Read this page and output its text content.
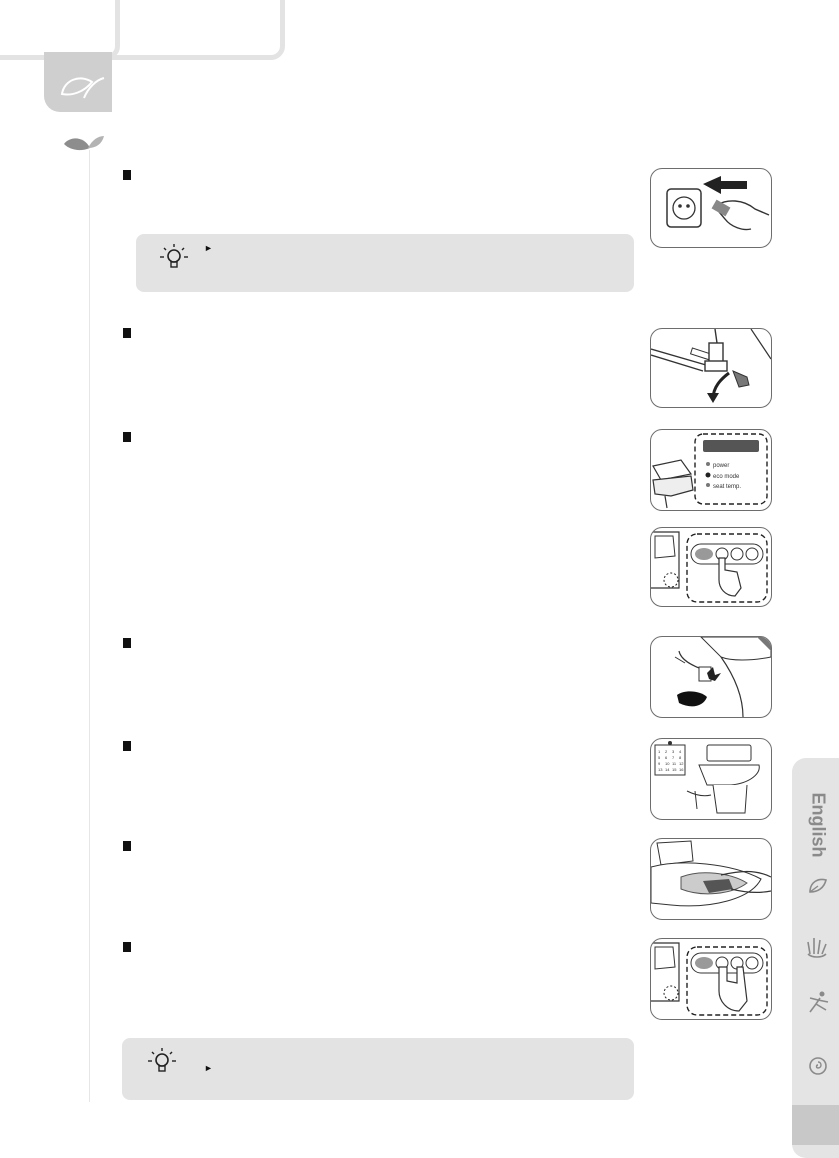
►
►
power
eco mode
seat temp.
1 2 3 4
5 6 7 8
9 10 11 12
13 14 15 16
English
